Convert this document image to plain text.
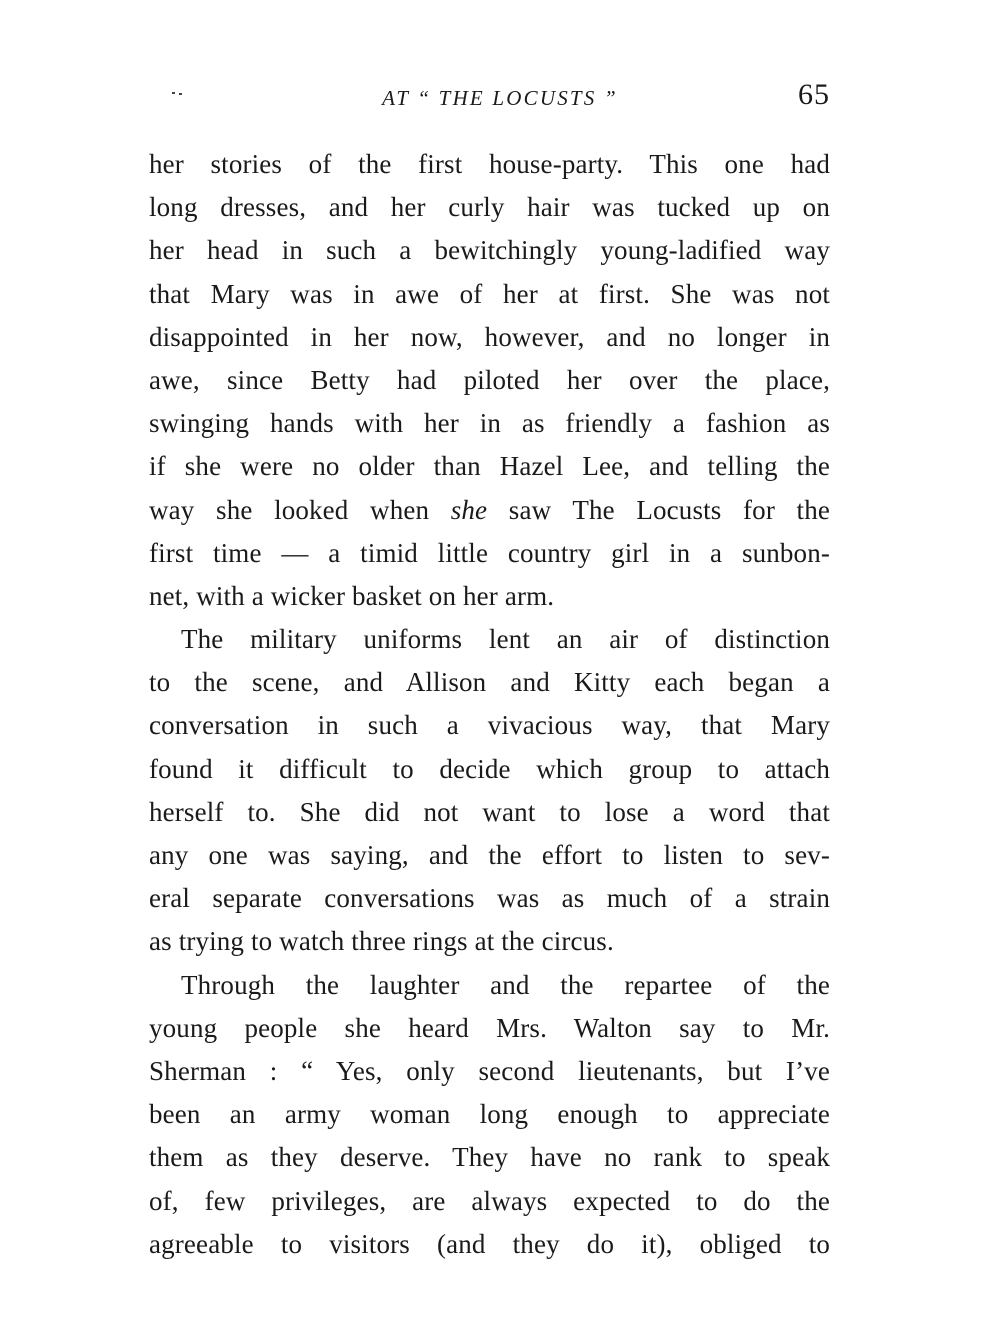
AT “ THE LOCUSTS ”	65
her stories of the first house-party. This one had
long dresses, and her curly hair was tucked up on
her head in such a bewitchingly young-ladified way
that Mary was in awe of her at first. She was not
disappointed in her now, however, and no longer in
awe, since Betty had piloted her over the place,
swinging hands with her in as friendly a fashion as
if she were no older than Hazel Lee, and telling the
way she looked when she saw The Locusts for the
first time — a timid little country girl in a sunbon-
net, with a wicker basket on her arm.
The military uniforms lent an air of distinction
to the scene, and Allison and Kitty each began a
conversation in such a vivacious way, that Mary
found it difficult to decide which group to attach
herself to. She did not want to lose a word that
any one was saying, and the effort to listen to sev-
eral separate conversations was as much of a strain
as trying to watch three rings at the circus.
Through the laughter and the repartee of the
young people she heard Mrs. Walton say to Mr.
Sherman : “ Yes, only second lieutenants, but I’ve
been an army woman long enough to appreciate
them as they deserve. They have no rank to speak
of, few privileges, are always expected to do the
agreeable to visitors (and they do it), obliged to
